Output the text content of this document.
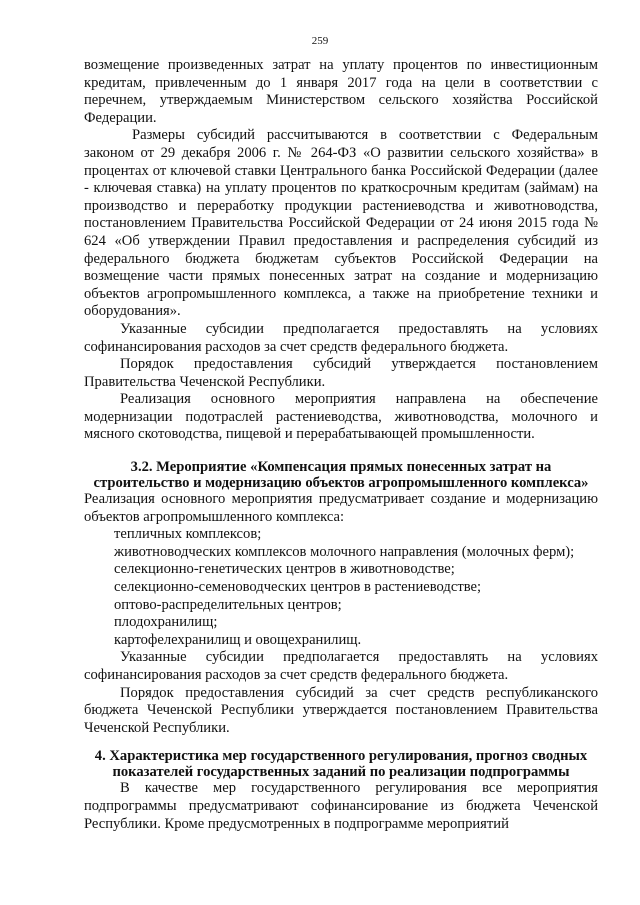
259

возмещение произведенных затрат на уплату процентов по инвестиционным кредитам, привлеченным до 1 января 2017 года на цели в соответствии с перечнем, утверждаемым Министерством сельского хозяйства Российской Федерации.

Размеры субсидий рассчитываются в соответствии с Федеральным законом от 29 декабря 2006 г. № 264-ФЗ «О развитии сельского хозяйства» в процентах от ключевой ставки Центрального банка Российской Федерации (далее - ключевая ставка) на уплату процентов по краткосрочным кредитам (займам) на производство и переработку продукции растениеводства и животноводства, постановлением Правительства Российской Федерации от 24 июня 2015 года № 624 «Об утверждении Правил предоставления и распределения субсидий из федерального бюджета бюджетам субъектов Российской Федерации на возмещение части прямых понесенных затрат на создание и модернизацию объектов агропромышленного комплекса, а также на приобретение техники и оборудования».

Указанные субсидии предполагается предоставлять на условиях софинансирования расходов за счет средств федерального бюджета.

Порядок предоставления субсидий утверждается постановлением Правительства Чеченской Республики.

Реализация основного мероприятия направлена на обеспечение модернизации подотраслей растениеводства, животноводства, молочного и мясного скотоводства, пищевой и перерабатывающей промышленности.

3.2. Мероприятие «Компенсация прямых понесенных затрат на

строительство и модернизацию объектов агропромышленного комплекса»

Реализация основного мероприятия предусматривает создание и модернизацию объектов агропромышленного комплекса:

тепличных комплексов;

животноводческих комплексов молочного направления (молочных ферм);

селекционно-генетических центров в животноводстве;

селекционно-семеноводческих центров в растениеводстве;

оптово-распределительных центров;

плодохранилищ;

картофелехранилищ и овощехранилищ.

Указанные субсидии предполагается предоставлять на условиях софинансирования расходов за счет средств федерального бюджета.

Порядок предоставления субсидий за счет средств республиканского бюджета Чеченской Республики утверждается постановлением Правительства Чеченской Республики.

4. Характеристика мер государственного регулирования, прогноз сводных

показателей государственных заданий по реализации подпрограммы

В качестве мер государственного регулирования все мероприятия подпрограммы предусматривают софинансирование из бюджета Чеченской Республики. Кроме предусмотренных в подпрограмме мероприятий
